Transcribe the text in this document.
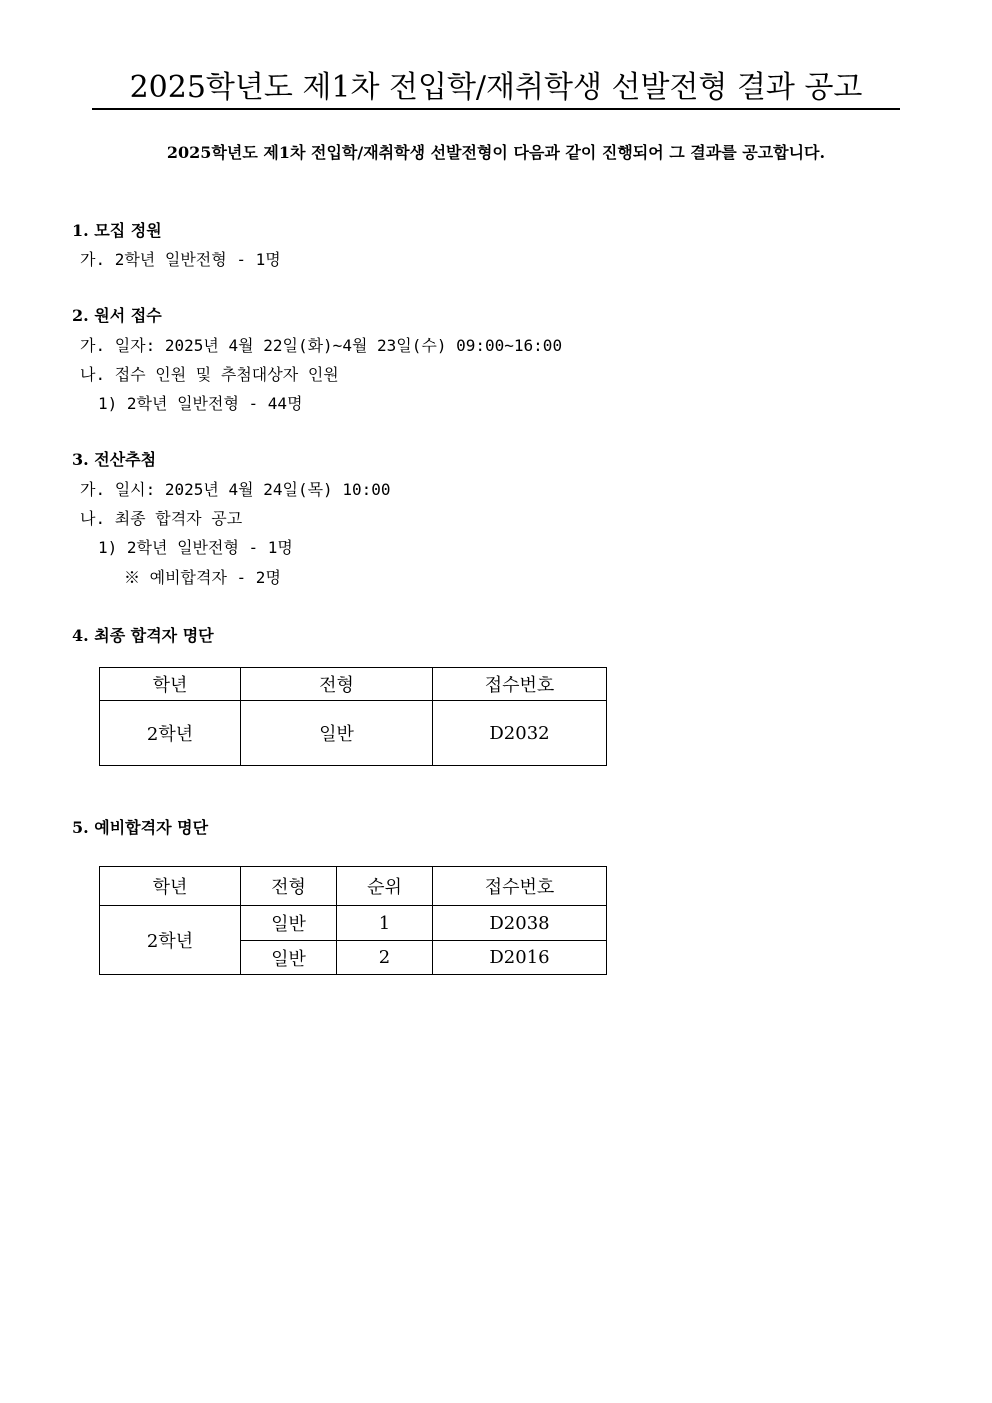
2025학년도 제1차 전입학/재취학생 선발전형 결과 공고
2025학년도 제1차 전입학/재취학생 선발전형이 다음과 같이 진행되어 그 결과를 공고합니다.
1. 모집 정원
가. 2학년 일반전형 - 1명
2. 원서 접수
가. 일자: 2025년 4월 22일(화)~4월 23일(수) 09:00~16:00
나. 접수 인원 및 추첨대상자 인원
1) 2학년 일반전형 - 44명
3. 전산추첨
가. 일시: 2025년 4월 24일(목) 10:00
나. 최종 합격자 공고
1) 2학년 일반전형 - 1명
※ 예비합격자 - 2명
4. 최종 합격자 명단
학년	전형	접수번호
2학년	일반	D2032
5. 예비합격자 명단
학년	전형	순위	접수번호
2학년	일반	1	D2038
	일반	2	D2016
